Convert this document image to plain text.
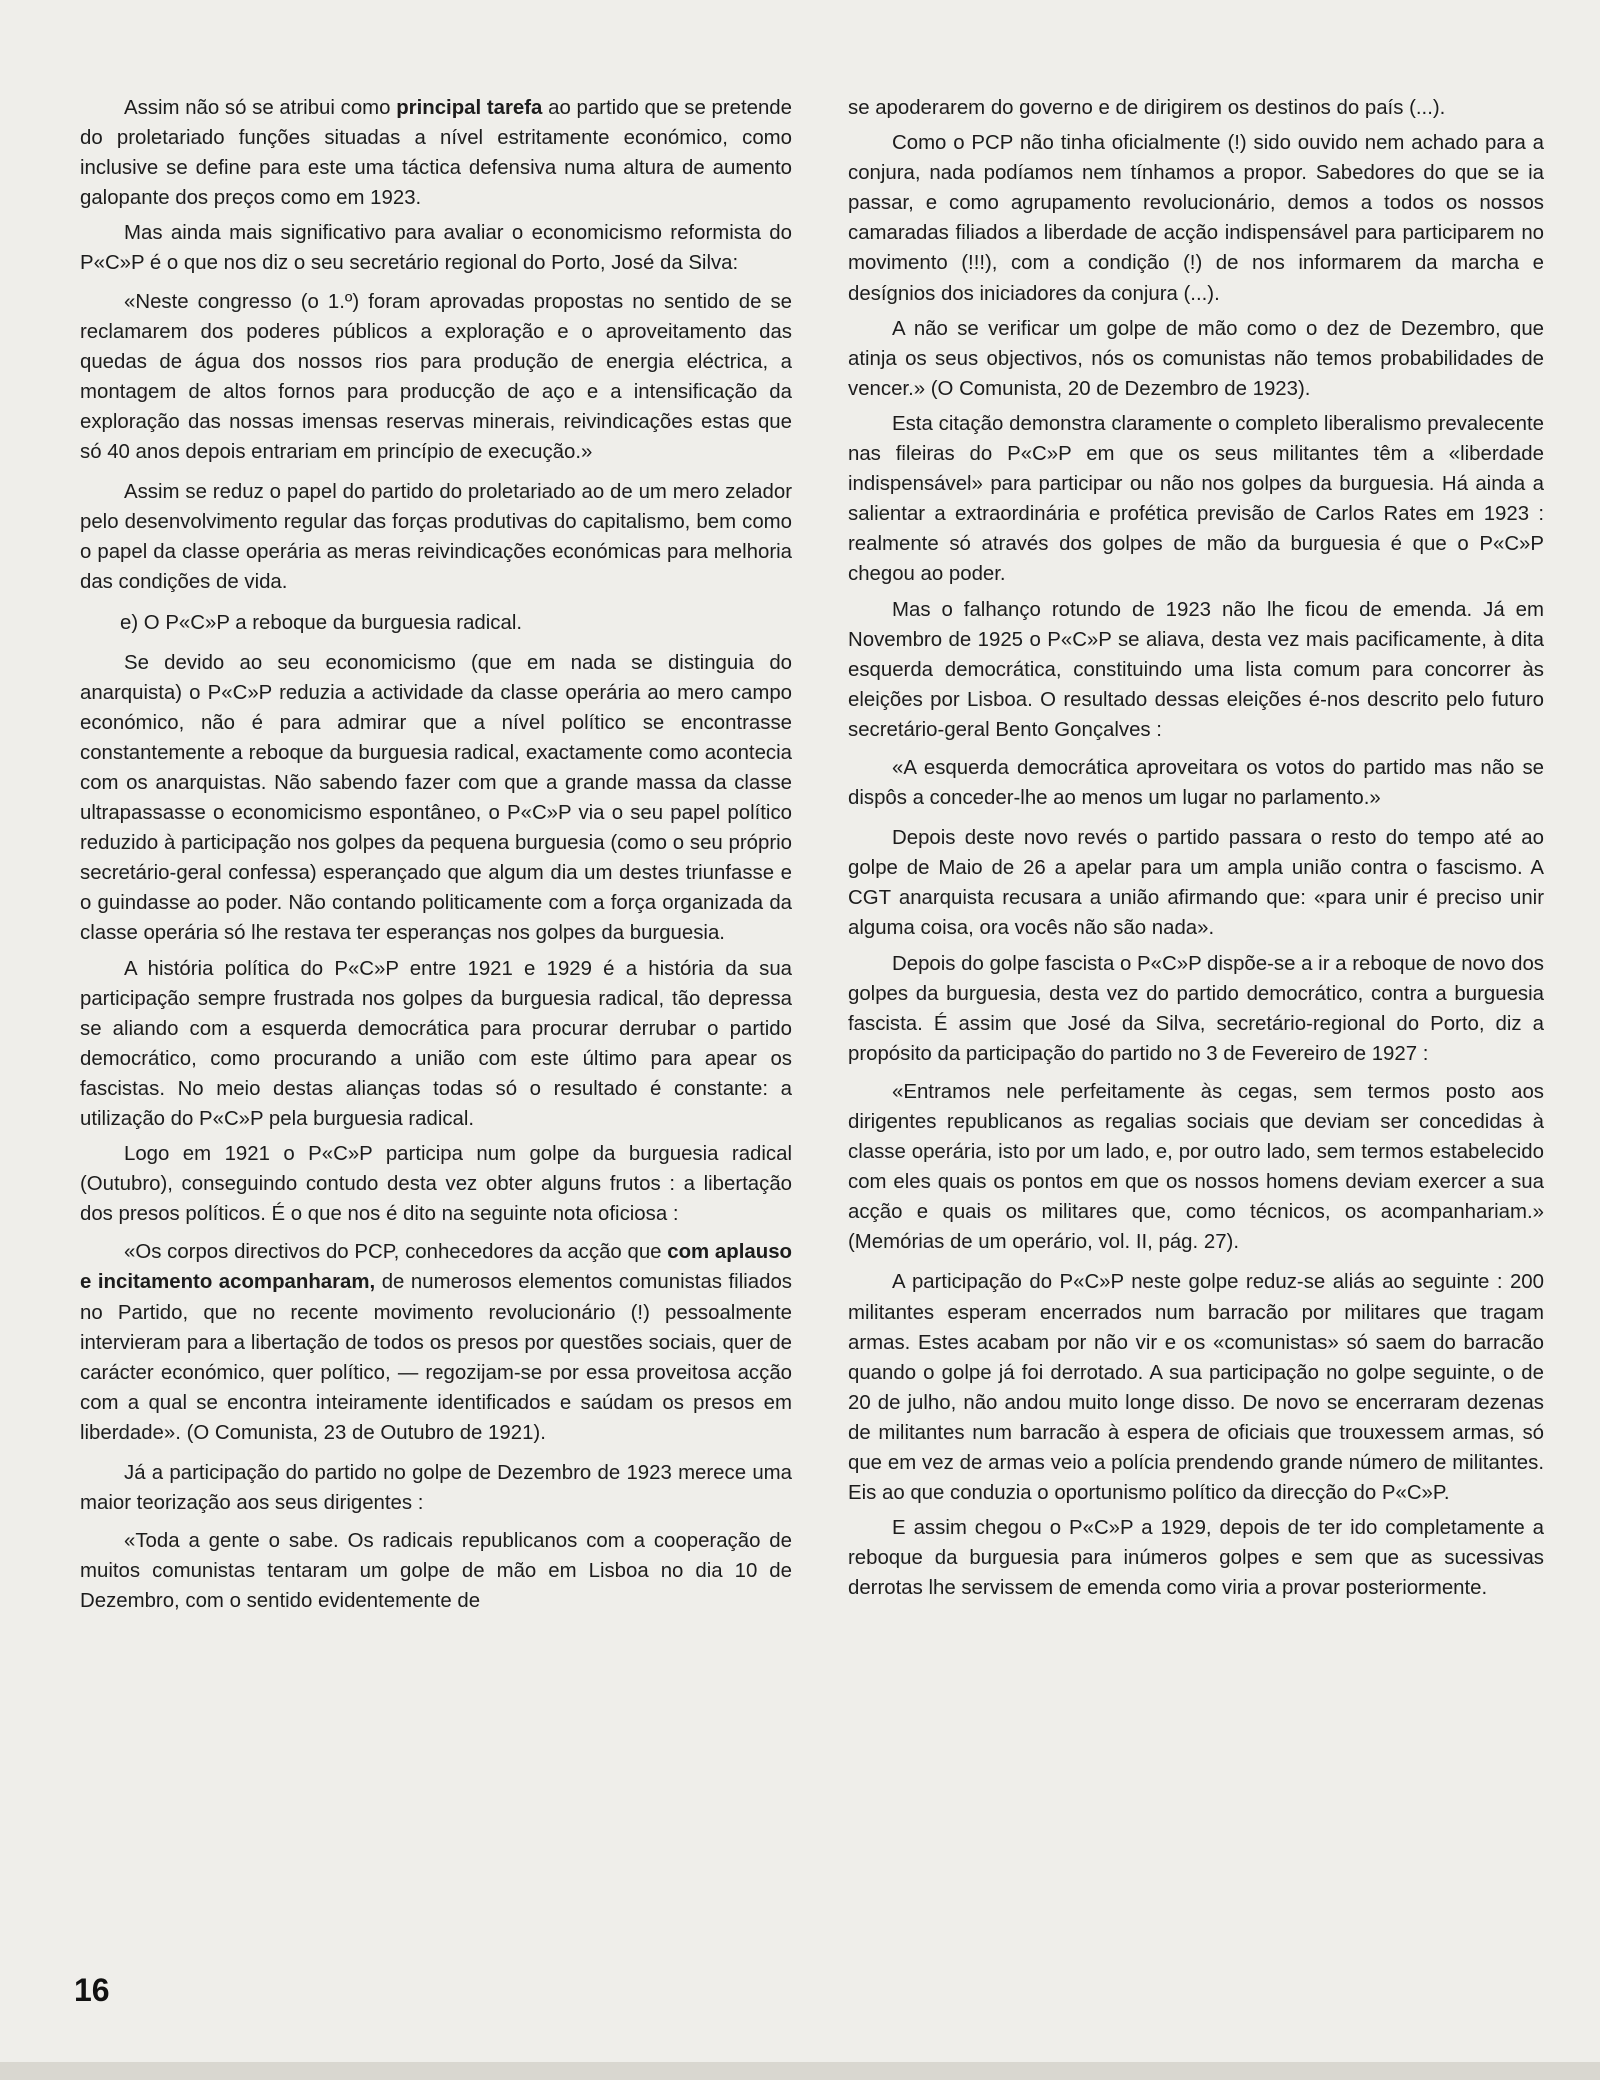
Assim não só se atribui como principal tarefa ao partido que se pretende do proletariado funções situadas a nível estritamente económico, como inclusive se define para este uma táctica defensiva numa altura de aumento galopante dos preços como em 1923.

Mas ainda mais significativo para avaliar o economicismo reformista do P«C»P é o que nos diz o seu secretário regional do Porto, José da Silva:

«Neste congresso (o 1.º) foram aprovadas propostas no sentido de se reclamarem dos poderes públicos a exploração e o aproveitamento das quedas de água dos nossos rios para produção de energia eléctrica, a montagem de altos fornos para producção de aço e a intensificação da exploração das nossas imensas reservas minerais, reivindicações estas que só 40 anos depois entrariam em princípio de execução.»

Assim se reduz o papel do partido do proletariado ao de um mero zelador pelo desenvolvimento regular das forças produtivas do capitalismo, bem como o papel da classe operária as meras reivindicações económicas para melhoria das condições de vida.

e) O P«C»P a reboque da burguesia radical.

Se devido ao seu economicismo (que em nada se distinguia do anarquista) o P«C»P reduzia a actividade da classe operária ao mero campo económico, não é para admirar que a nível político se encontrasse constantemente a reboque da burguesia radical, exactamente como acontecia com os anarquistas. Não sabendo fazer com que a grande massa da classe ultrapassasse o economicismo espontâneo, o P«C»P via o seu papel político reduzido à participação nos golpes da pequena burguesia (como o seu próprio secretário-geral confessa) esperançado que algum dia um destes triunfasse e o guindasse ao poder. Não contando politicamente com a força organizada da classe operária só lhe restava ter esperanças nos golpes da burguesia.

A história política do P«C»P entre 1921 e 1929 é a história da sua participação sempre frustrada nos golpes da burguesia radical, tão depressa se aliando com a esquerda democrática para procurar derrubar o partido democrático, como procurando a união com este último para apear os fascistas. No meio destas alianças todas só o resultado é constante: a utilização do P«C»P pela burguesia radical.

Logo em 1921 o P«C»P participa num golpe da burguesia radical (Outubro), conseguindo contudo desta vez obter alguns frutos : a libertação dos presos políticos. É o que nos é dito na seguinte nota oficiosa :

«Os corpos directivos do PCP, conhecedores da acção que com aplauso e incitamento acompanharam, de numerosos elementos comunistas filiados no Partido, que no recente movimento revolucionário (!) pessoalmente intervieram para a libertação de todos os presos por questões sociais, quer de carácter económico, quer político, — regozijam-se por essa proveitosa acção com a qual se encontra inteiramente identificados e saúdam os presos em liberdade». (O Comunista, 23 de Outubro de 1921).

Já a participação do partido no golpe de Dezembro de 1923 merece uma maior teorização aos seus dirigentes :

«Toda a gente o sabe. Os radicais republicanos com a cooperação de muitos comunistas tentaram um golpe de mão em Lisboa no dia 10 de Dezembro, com o sentido evidentemente de

se apoderarem do governo e de dirigirem os destinos do país (...).

Como o PCP não tinha oficialmente (!) sido ouvido nem achado para a conjura, nada podíamos nem tínhamos a propor. Sabedores do que se ia passar, e como agrupamento revolucionário, demos a todos os nossos camaradas filiados a liberdade de acção indispensável para participarem no movimento (!!!), com a condição (!) de nos informarem da marcha e desígnios dos iniciadores da conjura (...).

A não se verificar um golpe de mão como o dez de Dezembro, que atinja os seus objectivos, nós os comunistas não temos probabilidades de vencer.» (O Comunista, 20 de Dezembro de 1923).

Esta citação demonstra claramente o completo liberalismo prevalecente nas fileiras do P«C»P em que os seus militantes têm a «liberdade indispensável» para participar ou não nos golpes da burguesia. Há ainda a salientar a extraordinária e profética previsão de Carlos Rates em 1923 : realmente só através dos golpes de mão da burguesia é que o P«C»P chegou ao poder.

Mas o falhanço rotundo de 1923 não lhe ficou de emenda. Já em Novembro de 1925 o P«C»P se aliava, desta vez mais pacificamente, à dita esquerda democrática, constituindo uma lista comum para concorrer às eleições por Lisboa. O resultado dessas eleições é-nos descrito pelo futuro secretário-geral Bento Gonçalves :

«A esquerda democrática aproveitara os votos do partido mas não se dispôs a conceder-lhe ao menos um lugar no parlamento.»

Depois deste novo revés o partido passara o resto do tempo até ao golpe de Maio de 26 a apelar para um ampla união contra o fascismo. A CGT anarquista recusara a união afirmando que: «para unir é preciso unir alguma coisa, ora vocês não são nada».

Depois do golpe fascista o P«C»P dispõe-se a ir a reboque de novo dos golpes da burguesia, desta vez do partido democrático, contra a burguesia fascista. É assim que José da Silva, secretário-regional do Porto, diz a propósito da participação do partido no 3 de Fevereiro de 1927 :

«Entramos nele perfeitamente às cegas, sem termos posto aos dirigentes republicanos as regalias sociais que deviam ser concedidas à classe operária, isto por um lado, e, por outro lado, sem termos estabelecido com eles quais os pontos em que os nossos homens deviam exercer a sua acção e quais os militares que, como técnicos, os acompanhariam.» (Memórias de um operário, vol. II, pág. 27).

A participação do P«C»P neste golpe reduz-se aliás ao seguinte : 200 militantes esperam encerrados num barracão por militares que tragam armas. Estes acabam por não vir e os «comunistas» só saem do barracão quando o golpe já foi derrotado. A sua participação no golpe seguinte, o de 20 de julho, não andou muito longe disso. De novo se encerraram dezenas de militantes num barracão à espera de oficiais que trouxessem armas, só que em vez de armas veio a polícia prendendo grande número de militantes. Eis ao que conduzia o oportunismo político da direcção do P«C»P.

E assim chegou o P«C»P a 1929, depois de ter ido completamente a reboque da burguesia para inúmeros golpes e sem que as sucessivas derrotas lhe servissem de emenda como viria a provar posteriormente.

16
